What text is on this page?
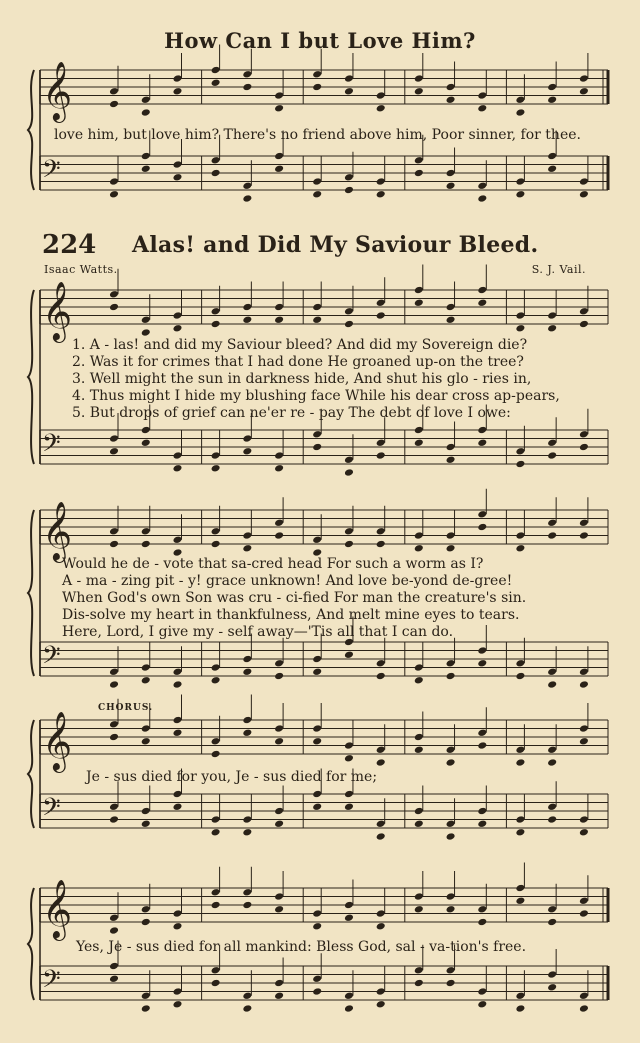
𝄞
𝄢
𝄞
𝄢
𝄞
𝄢
𝄞
𝄢
𝄞
𝄢
How Can I but Love Him?
love him, but love him? There's no friend above him, Poor sinner, for thee.
224 Alas! and Did My Saviour Bleed.
Isaac Watts.	S. J. Vail.
1. A - las! and did my Saviour bleed? And did my Sovereign die?
2. Was it for crimes that I had done He groaned up-on the tree?
3. Well might the sun in darkness hide, And shut his glo - ries in,
4. Thus might I hide my blushing face While his dear cross ap-pears,
5. But drops of grief can ne'er re - pay The debt of love I owe:
Would he de - vote that sa-cred head For such a worm as I?
A - ma - zing pit - y! grace unknown! And love be-yond de-gree!
When God's own Son was cru - ci-fied For man the creature's sin.
Dis-solve my heart in thankfulness, And melt mine eyes to tears.
Here, Lord, I give my - self away—'Tis all that I can do.
CHORUS.
Je - sus died for you, Je - sus died for me;
Yes, Je - sus died for all mankind: Bless God, sal - va-tion's free.
